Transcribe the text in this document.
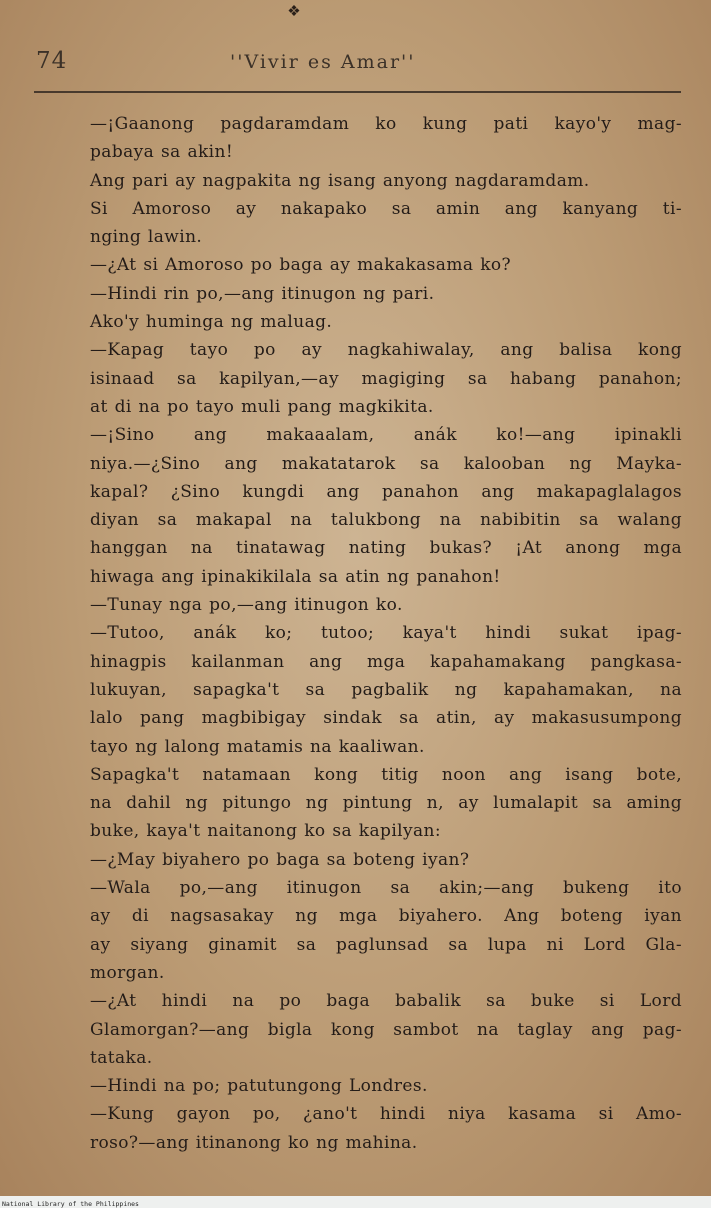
❖
74	''Vivir es Amar''

—¡Gaanong pagdaramdam ko kung pati kayo'y mag-
pabaya sa akin!

Ang pari ay nagpakita ng isang anyong nagdaramdam.

Si Amoroso ay nakapako sa amin ang kanyang ti-
nging lawin.

—¿At si Amoroso po baga ay makakasama ko?

—Hindi rin po,—ang itinugon ng pari.

Ako'y huminga ng maluag.

—Kapag tayo po ay nagkahiwalay, ang balisa kong
isinaad sa kapilyan,—ay magiging sa habang panahon;
at di na po tayo muli pang magkikita.

—¡Sino ang makaaalam, anák ko!—ang ipinakli
niya.—¿Sino ang makatatarok sa kalooban ng Mayka-
kapal? ¿Sino kungdi ang panahon ang makapaglalagos
diyan sa makapal na talukbong na nabibitin sa walang
hanggan na tinatawag nating bukas? ¡At anong mga
hiwaga ang ipinakikilala sa atin ng panahon!

—Tunay nga po,—ang itinugon ko.

—Tutoo, anák ko; tutoo; kaya't hindi sukat ipag-
hinagpis kailanman ang mga kapahamakang pangkasa-
lukuyan, sapagka't sa pagbalik ng kapahamakan, na
lalo pang magbibigay sindak sa atin, ay makasusumpong
tayo ng lalong matamis na kaaliwan.

Sapagka't natamaan kong titig noon ang isang bote,
na dahil ng pitungo ng pintung n, ay lumalapit sa aming
buke, kaya't naitanong ko sa kapilyan:

—¿May biyahero po baga sa boteng iyan?

—Wala po,—ang itinugon sa akin;—ang bukeng ito
ay di nagsasakay ng mga biyahero. Ang boteng iyan
ay siyang ginamit sa paglunsad sa lupa ni Lord Gla-
morgan.

—¿At hindi na po baga babalik sa buke si Lord
Glamorgan?—ang bigla kong sambot na taglay ang pag-
tataka.

—Hindi na po; patutungong Londres.

—Kung gayon po, ¿ano't hindi niya kasama si Amo-
roso?—ang itinanong ko ng mahina.

National Library of the Philippines
